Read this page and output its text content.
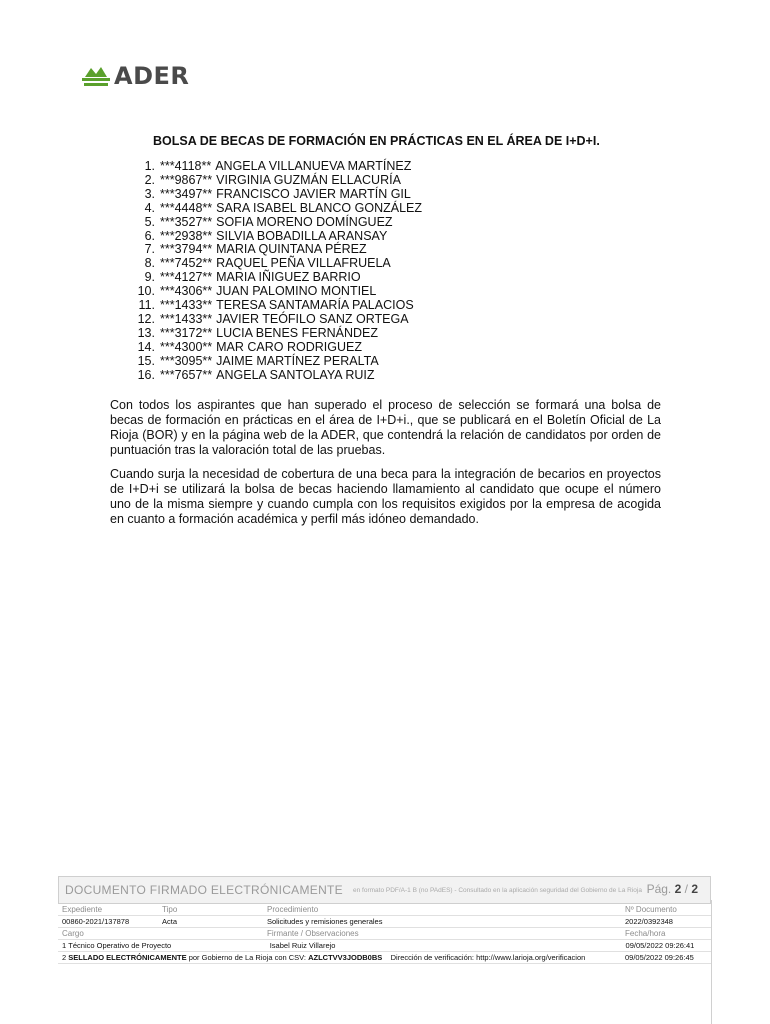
ADER
BOLSA DE BECAS DE FORMACIÓN EN PRÁCTICAS EN EL ÁREA DE I+D+I.
1. ***4118** ANGELA VILLANUEVA MARTÍNEZ
2. ***9867** VIRGINIA GUZMÁN ELLACURÍA
3. ***3497** FRANCISCO JAVIER MARTÍN GIL
4. ***4448** SARA ISABEL BLANCO GONZÁLEZ
5. ***3527** SOFIA MORENO DOMÍNGUEZ
6. ***2938** SILVIA BOBADILLA ARANSAY
7. ***3794** MARIA QUINTANA PÉREZ
8. ***7452** RAQUEL PEÑA VILLAFRUELA
9. ***4127** MARIA IÑIGUEZ BARRIO
10. ***4306** JUAN PALOMINO MONTIEL
11. ***1433** TERESA SANTAMARÍA PALACIOS
12. ***1433** JAVIER TEÓFILO SANZ ORTEGA
13. ***3172** LUCIA BENES FERNÁNDEZ
14. ***4300** MAR CARO RODRIGUEZ
15. ***3095** JAIME MARTÍNEZ PERALTA
16. ***7657** ANGELA SANTOLAYA RUIZ

Con todos los aspirantes que han superado el proceso de selección se formará una bolsa de becas de formación en prácticas en el área de I+D+i., que se publicará en el Boletín Oficial de La Rioja (BOR) y en la página web de la ADER, que contendrá la relación de candidatos por orden de puntuación tras la valoración total de las pruebas.

Cuando surja la necesidad de cobertura de una beca para la integración de becarios en proyectos de I+D+i se utilizará la bolsa de becas haciendo llamamiento al candidato que ocupe el número uno de la misma siempre y cuando cumpla con los requisitos exigidos por la empresa de acogida en cuanto a formación académica y perfil más idóneo demandado.

DOCUMENTO FIRMADO ELECTRÓNICAMENTE en formato PDF/A-1 B (no PAdES) - Consultado en la aplicación seguridad del Gobierno de La Rioja Pág. 2 / 2
Expediente	Tipo	Procedimiento	Nº Documento
00860-2021/137878	Acta	Solicitudes y remisiones generales	2022/0392348
Cargo	Firmante / Observaciones	Fecha/hora
1 Técnico Operativo de Proyecto	Isabel Ruiz Villarejo	09/05/2022 09:26:41
2 SELLADO ELECTRÓNICAMENTE por Gobierno de La Rioja con CSV: AZLCTVV3JODB0BS Dirección de verificación: http://www.larioja.org/verificacion	09/05/2022 09:26:45
